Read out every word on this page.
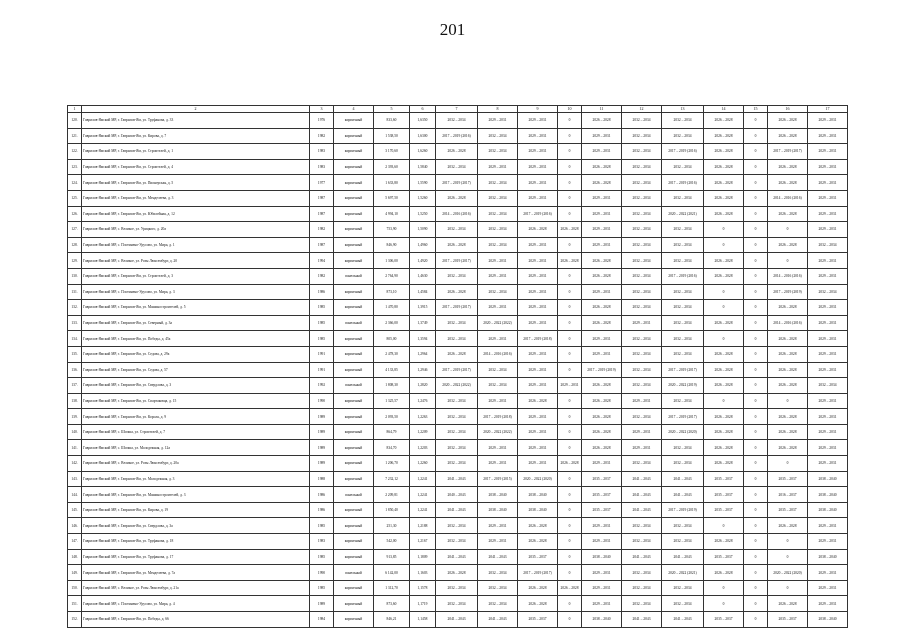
201
1	2	3	4	5	6	7	8	9	10	11	12	13	14	15	16	17
120.	Гаврилов-Ямский МР, г. Гаврилов-Ям, ул. Труфанова, д. 33	1976	кирпичный	833,60	1,6350	2032 – 2034	2029 – 2031	2029 – 2031	0	2026 – 2028	2032 – 2034	2032 – 2034	2026 – 2028	0	2026 – 2028	2029 – 2031
121.	Гаврилов-Ямский МР, г. Гаврилов-Ям, ул. Кирова, д. 7	1982	кирпичный	1 538,50	1,6300	2017 – 2019 (2016)	2032 – 2034	2029 – 2031	0	2029 – 2031	2032 – 2034	2032 – 2034	2026 – 2028	0	2026 – 2028	2029 – 2031
122.	Гаврилов-Ямский МР, г. Гаврилов-Ям, ул. Строителей, д. 1	1983	кирпичный	3 170,60	1,6260	2026 – 2028	2032 – 2034	2029 – 2031	0	2029 – 2031	2032 – 2034	2017 – 2019 (2016)	2026 – 2028	0	2017 – 2019 (2017)	2029 – 2031
123.	Гаврилов-Ямский МР, г. Гаврилов-Ям, ул. Строителей, д. 4	1983	кирпичный	2 393,60	1,5840	2032 – 2034	2029 – 2031	2029 – 2031	0	2026 – 2028	2032 – 2034	2032 – 2034	2026 – 2028	0	2026 – 2028	2029 – 2031
124.	Гаврилов-Ямский МР, г. Гаврилов-Ям, ул. Пионерская, д. 5	1977	кирпичный	1 633,80	1,5590	2017 – 2019 (2017)	2032 – 2034	2029 – 2031	0	2026 – 2028	2032 – 2034	2017 – 2019 (2016)	2026 – 2028	0	2026 – 2028	2029 – 2031
125.	Гаврилов-Ямский МР, г. Гаврилов-Ям, ул. Менделеева, д. 3	1987	кирпичный	5 697,50	1,5260	2026 – 2028	2032 – 2034	2029 – 2031	0	2029 – 2031	2032 – 2034	2032 – 2034	2026 – 2028	0	2014 – 2016 (2016)	2029 – 2031
126.	Гаврилов-Ямский МР, г. Гаврилов-Ям, ул. Юбилейная, д. 12	1987	кирпичный	4 994,10	1,5250	2014 – 2016 (2016)	2032 – 2034	2017 – 2019 (2016)	0	2029 – 2031	2032 – 2034	2020 – 2022 (2021)	2026 – 2028	0	2026 – 2028	2029 – 2031
127.	Гаврилов-Ямский МР, с. Великое, ул. Урицкого, д. 20а	1982	кирпичный	753,90	1,5090	2032 – 2034	2032 – 2034	2026 – 2028	2026 – 2028	2029 – 2031	2032 – 2034	2032 – 2034	0	0	0	2029 – 2031
128.	Гаврилов-Ямский МР, с. Плотинено-Урусово, ул. Мира, д. 1	1987	кирпичный	846,90	1,4960	2026 – 2028	2032 – 2034	2029 – 2031	0	2029 – 2031	2032 – 2034	2032 – 2034	0	0	2026 – 2028	2032 – 2034
129.	Гаврилов-Ямский МР, с. Великое, ул. Розы Люксембург, д. 20	1994	кирпичный	1 306,00	1,4920	2017 – 2019 (2017)	2029 – 2031	2029 – 2031	2026 – 2028	2026 – 2028	2032 – 2034	2032 – 2034	2026 – 2028	0	0	2029 – 2031
130.	Гаврилов-Ямский МР, г. Гаврилов-Ям, ул. Строителей, д. 3	1982	панельный	2 764,90	1,4630	2032 – 2034	2029 – 2031	2029 – 2031	0	2026 – 2028	2032 – 2034	2017 – 2019 (2016)	2026 – 2028	0	2014 – 2016 (2016)	2029 – 2031
131.	Гаврилов-Ямский МР, с. Плотинено-Урусово, ул. Мира, д. 3	1986	кирпичный	873,10	1,4584	2026 – 2028	2032 – 2034	2029 – 2031	0	2029 – 2031	2032 – 2034	2032 – 2034	0	0	2017 – 2019 (2019)	2032 – 2034
132.	Гаврилов-Ямский МР, г. Гаврилов-Ям, ул. Машиностроителей, д. 5	1985	кирпичный	1 470,80	1,3915	2017 – 2019 (2017)	2029 – 2031	2029 – 2031	0	2026 – 2028	2032 – 2034	2032 – 2034	0	0	2026 – 2028	2029 – 2031
133.	Гаврилов-Ямский МР, г. Гаврилов-Ям, ул. Северный, д. 3а	1985	панельный	2 366,00	1,3749	2032 – 2034	2020 – 2022 (2022)	2029 – 2031	0	2026 – 2028	2029 – 2031	2032 – 2034	2026 – 2028	0	2014 – 2016 (2016)	2029 – 2031
134.	Гаврилов-Ямский МР, г. Гаврилов-Ям, ул. Победы, д. 45а	1985	кирпичный	805,00	1,3594	2032 – 2034	2029 – 2031	2017 – 2019 (2018)	0	2029 – 2031	2032 – 2034	2032 – 2034	0	0	2026 – 2028	2029 – 2031
135.	Гаврилов-Ямский МР, г. Гаврилов-Ям, ул. Седова, д. 29а	1991	кирпичный	2 478,30	1,2964	2026 – 2028	2014 – 2016 (2016)	2029 – 2031	0	2029 – 2031	2032 – 2034	2032 – 2034	2026 – 2028	0	2026 – 2028	2029 – 2031
136.	Гаврилов-Ямский МР, г. Гаврилов-Ям, ул. Седова, д. 57	1991	кирпичный	4 133,85	1,2946	2017 – 2019 (2017)	2032 – 2034	2029 – 2031	0	2017 – 2019 (2019)	2032 – 2034	2017 – 2019 (2017)	2026 – 2028	0	2026 – 2028	2029 – 2031
137.	Гаврилов-Ямский МР, г. Гаврилов-Ям, ул. Свердлова, д. 3	1992	панельный	1 808,30	1,2820	2020 – 2022 (2022)	2032 – 2034	2029 – 2031	2029 – 2031	2026 – 2028	2032 – 2034	2020 – 2022 (2019)	2026 – 2028	0	2026 – 2028	2032 – 2034
138.	Гаврилов-Ямский МР, г. Гаврилов-Ям, ул. Спартаковца, д. 15	1990	кирпичный	1 325,57	1,2476	2032 – 2034	2029 – 2031	2026 – 2028	0	2026 – 2028	2029 – 2031	2032 – 2034	0	0	0	2029 – 2031
139.	Гаврилов-Ямский МР, г. Гаврилов-Ям, ул. Короля, д. 9	1989	кирпичный	2 093,50	1,2263	2032 – 2034	2017 – 2019 (2018)	2029 – 2031	0	2026 – 2028	2032 – 2034	2017 – 2019 (2017)	2026 – 2028	0	2026 – 2028	2029 – 2031
140.	Гаврилов-Ямский МР, с. Шопша, ул. Строителей, д. 7	1989	кирпичный	864,79	1,2209	2032 – 2034	2020 – 2022 (2022)	2029 – 2031	0	2026 – 2028	2029 – 2031	2020 – 2022 (2020)	2026 – 2028	0	2026 – 2028	2029 – 2031
141.	Гаврилов-Ямский МР, с. Шопша, ул. Молодежная, д. 12а	1989	кирпичный	834,70	1,2203	2032 – 2034	2029 – 2031	2029 – 2031	0	2026 – 2028	2029 – 2031	2032 – 2034	2026 – 2028	0	2026 – 2028	2029 – 2031
142.	Гаврилов-Ямский МР, с. Великое, ул. Розы Люксембург, д. 20а	1989	кирпичный	1 206,70	1,2260	2032 – 2034	2029 – 2031	2029 – 2031	2026 – 2028	2029 – 2031	2032 – 2034	2032 – 2034	2026 – 2028	0	0	2029 – 2031
143.	Гаврилов-Ямский МР, г. Гаврилов-Ям, ул. Молодежная, д. 3	1988	кирпичный	7 232,12	1,2241	2041 – 2043	2017 – 2019 (2015)	2020 – 2022 (2020)	0	2035 – 2037	2041 – 2043	2041 – 2043	2035 – 2037	0	2035 – 2037	2038 – 2040
144.	Гаврилов-Ямский МР, г. Гаврилов-Ям, ул. Машиностроителей, д. 3	1986	панельный	2 209,81	1,2241	2040 – 2043	2038 – 2040	2038 – 2040	0	2035 – 2037	2041 – 2043	2041 – 2043	2035 – 2037	0	2016 – 2037	2038 – 2040
145.	Гаврилов-Ямский МР, г. Гаврилов-Ям, ул. Кирова, д. 19	1986	кирпичный	1 850,40	1,2241	2041 – 2043	2038 – 2040	2038 – 2040	0	2035 – 2037	2041 – 2043	2017 – 2019 (2019)	2035 – 2037	0	2035 – 2037	2038 – 2040
146.	Гаврилов-Ямский МР, г. Гаврилов-Ям, ул. Свердлова, д. 3а	1985	кирпичный	251,30	1,2188	2032 – 2034	2029 – 2031	2026 – 2028	0	2029 – 2031	2032 – 2034	2032 – 2034	0	0	2026 – 2028	2029 – 2031
147.	Гаврилов-Ямский МР, г. Гаврилов-Ям, ул. Труфанова, д. 18	1983	кирпичный	542,00	1,2167	2032 – 2034	2029 – 2031	2026 – 2028	0	2029 – 2031	2032 – 2034	2032 – 2034	2026 – 2028	0	0	2029 – 2031
148.	Гаврилов-Ямский МР, г. Гаврилов-Ям, ул. Труфанова, д. 17	1985	кирпичный	913,85	1,1809	2041 – 2043	2041 – 2043	2035 – 2037	0	2038 – 2040	2041 – 2043	2041 – 2043	2035 – 2037	0	0	2038 – 2040
149.	Гаврилов-Ямский МР, г. Гаврилов-Ям, ул. Менделеева, д. 7а	1990	панельный	6 142,00	1,1603	2026 – 2028	2032 – 2034	2017 – 2019 (2017)	0	2029 – 2031	2032 – 2034	2020 – 2022 (2021)	2026 – 2028	0	2020 – 2022 (2020)	2029 – 2031
150.	Гаврилов-Ямский МР, с. Великое, ул. Розы Люксембург, д. 21а	1985	кирпичный	1 312,70	1,1578	2032 – 2034	2032 – 2034	2026 – 2028	2026 – 2028	2029 – 2031	2032 – 2034	2032 – 2034	0	0	0	2029 – 2031
151.	Гаврилов-Ямский МР, с. Плотинено-Урусово, ул. Мира, д. 4	1989	кирпичный	873,60	1,1719	2032 – 2034	2032 – 2034	2026 – 2028	0	2029 – 2031	2032 – 2034	2032 – 2034	0	0	2026 – 2028	2029 – 2031
152.	Гаврилов-Ямский МР, г. Гаврилов-Ям, ул. Победы, д. 66	1984	кирпичный	846,21	1,1458	2041 – 2043	2041 – 2043	2035 – 2037	0	2038 – 2040	2041 – 2043	2041 – 2043	2035 – 2037	0	2035 – 2037	2038 – 2040
